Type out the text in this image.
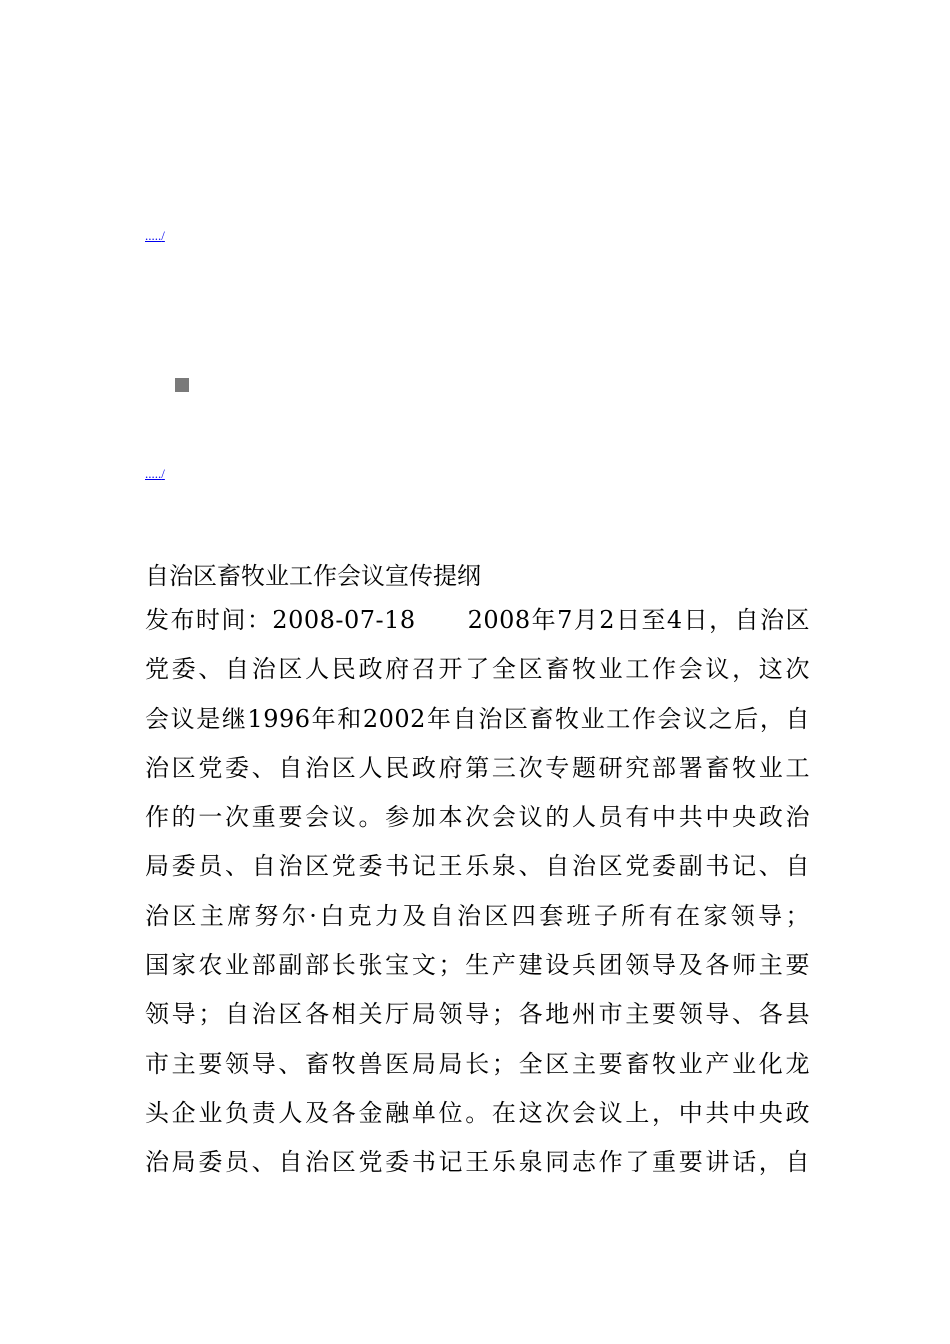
...../
...../
自治区畜牧业工作会议宣传提纲
发布时间：2008-07-18　　2008年7月2日至4日，自治区
党委、自治区人民政府召开了全区畜牧业工作会议，这次
会议是继1996年和2002年自治区畜牧业工作会议之后，自
治区党委、自治区人民政府第三次专题研究部署畜牧业工
作的一次重要会议。参加本次会议的人员有中共中央政治
局委员、自治区党委书记王乐泉、自治区党委副书记、自
治区主席努尔·白克力及自治区四套班子所有在家领导；
国家农业部副部长张宝文；生产建设兵团领导及各师主要
领导；自治区各相关厅局领导；各地州市主要领导、各县
市主要领导、畜牧兽医局局长；全区主要畜牧业产业化龙
头企业负责人及各金融单位。在这次会议上，中共中央政
治局委员、自治区党委书记王乐泉同志作了重要讲话，自
